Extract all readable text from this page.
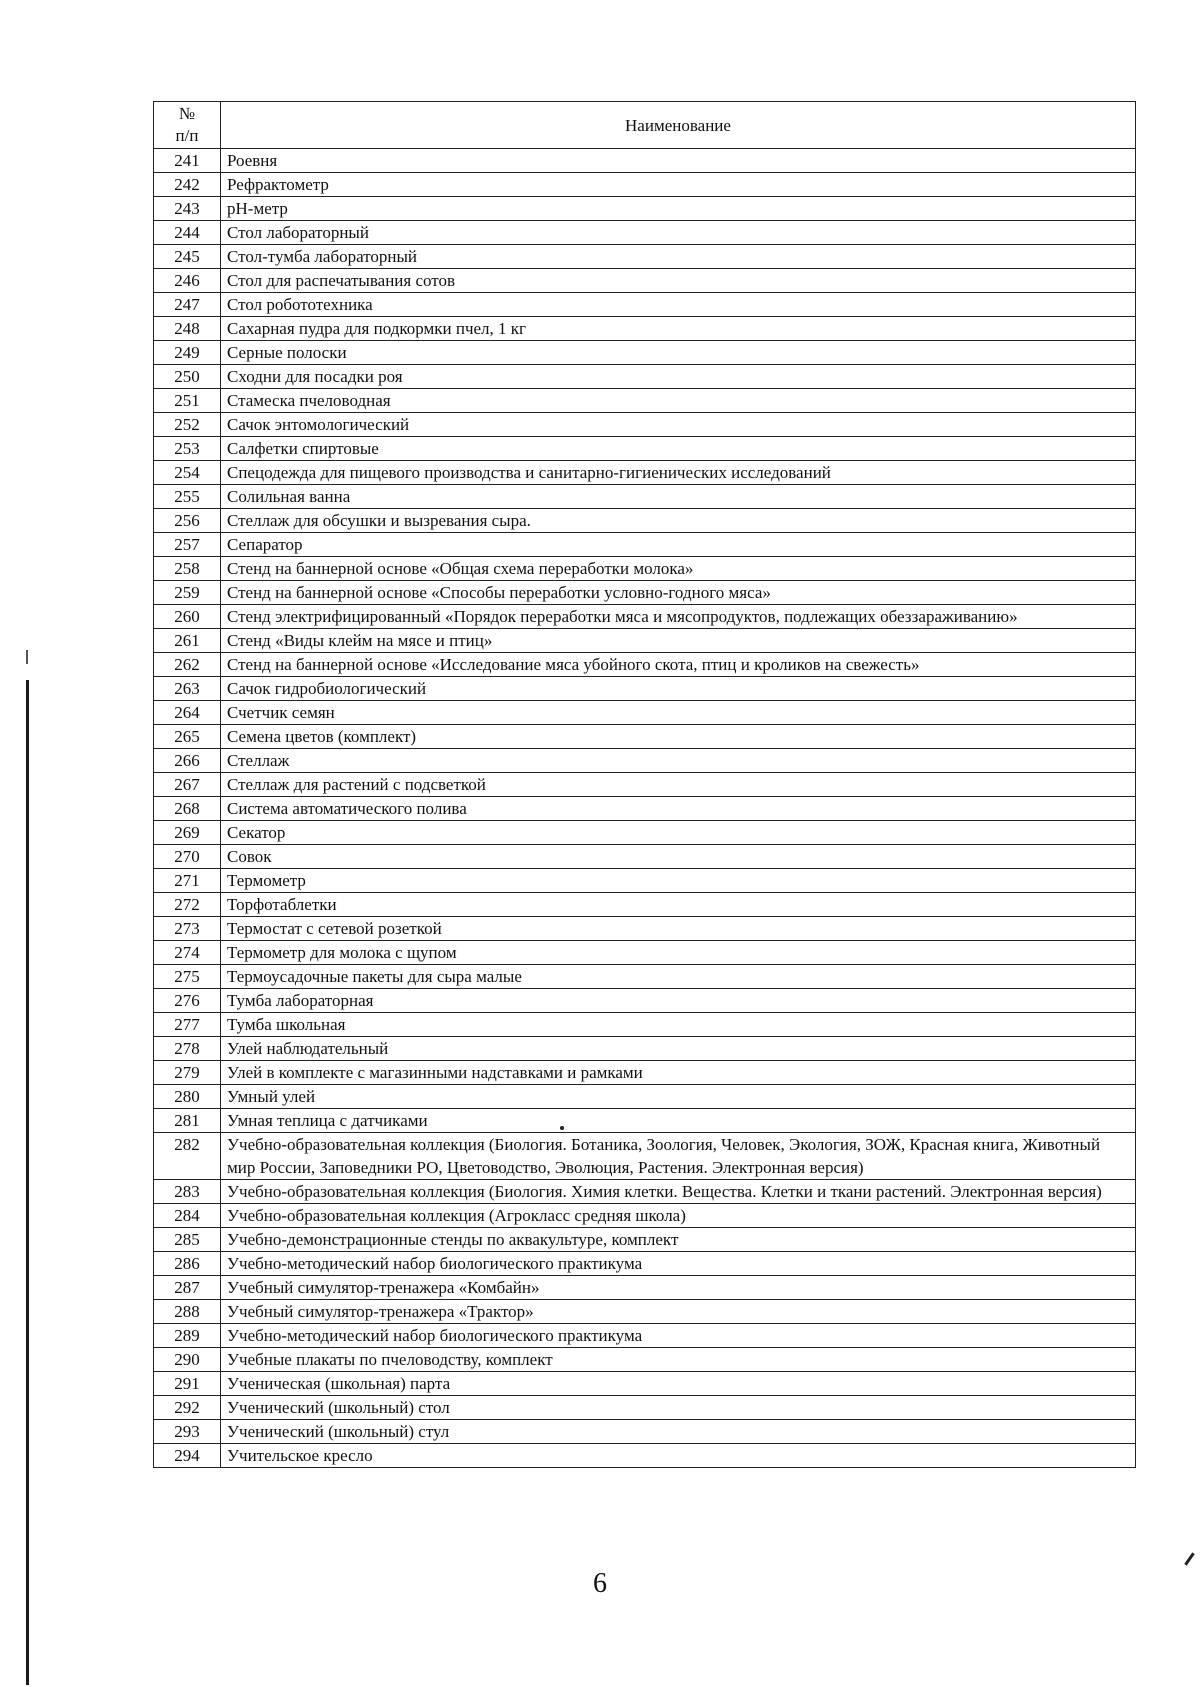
№
п/п	Наименование
241	Роевня
242	Рефрактометр
243	pH-метр
244	Стол лабораторный
245	Стол-тумба лабораторный
246	Стол для распечатывания сотов
247	Стол робототехника
248	Сахарная пудра для подкормки пчел, 1 кг
249	Серные полоски
250	Сходни для посадки роя
251	Стамеска пчеловодная
252	Сачок энтомологический
253	Салфетки спиртовые
254	Спецодежда для пищевого производства и санитарно-гигиенических исследований
255	Солильная ванна
256	Стеллаж для обсушки и вызревания сыра.
257	Сепаратор
258	Стенд на баннерной основе «Общая схема переработки молока»
259	Стенд на баннерной основе «Способы переработки условно-годного мяса»
260	Стенд электрифицированный «Порядок переработки мяса и мясопродуктов, подлежащих обеззараживанию»
261	Стенд «Виды клейм на мясе и птиц»
262	Стенд на баннерной основе «Исследование мяса убойного скота, птиц и кроликов на свежесть»
263	Сачок гидробиологический
264	Счетчик семян
265	Семена цветов (комплект)
266	Стеллаж
267	Стеллаж для растений с подсветкой
268	Система автоматического полива
269	Секатор
270	Совок
271	Термометр
272	Торфотаблетки
273	Термостат с сетевой розеткой
274	Термометр для молока с щупом
275	Термоусадочные пакеты для сыра малые
276	Тумба лабораторная
277	Тумба школьная
278	Улей наблюдательный
279	Улей в комплекте с магазинными надставками и рамками
280	Умный улей
281	Умная теплица с датчиками
282	Учебно-образовательная коллекция (Биология. Ботаника, Зоология, Человек, Экология, ЗОЖ, Красная книга, Животный мир России, Заповедники РО, Цветоводство, Эволюция, Растения. Электронная версия)
283	Учебно-образовательная коллекция (Биология. Химия клетки. Вещества. Клетки и ткани растений. Электронная версия)
284	Учебно-образовательная коллекция (Агрокласс средняя школа)
285	Учебно-демонстрационные стенды по аквакультуре, комплект
286	Учебно-методический набор биологического практикума
287	Учебный симулятор-тренажера «Комбайн»
288	Учебный симулятор-тренажера «Трактор»
289	Учебно-методический набор биологического практикума
290	Учебные плакаты по пчеловодству, комплект
291	Ученическая (школьная) парта
292	Ученический (школьный) стол
293	Ученический (школьный) стул
294	Учительское кресло
6
